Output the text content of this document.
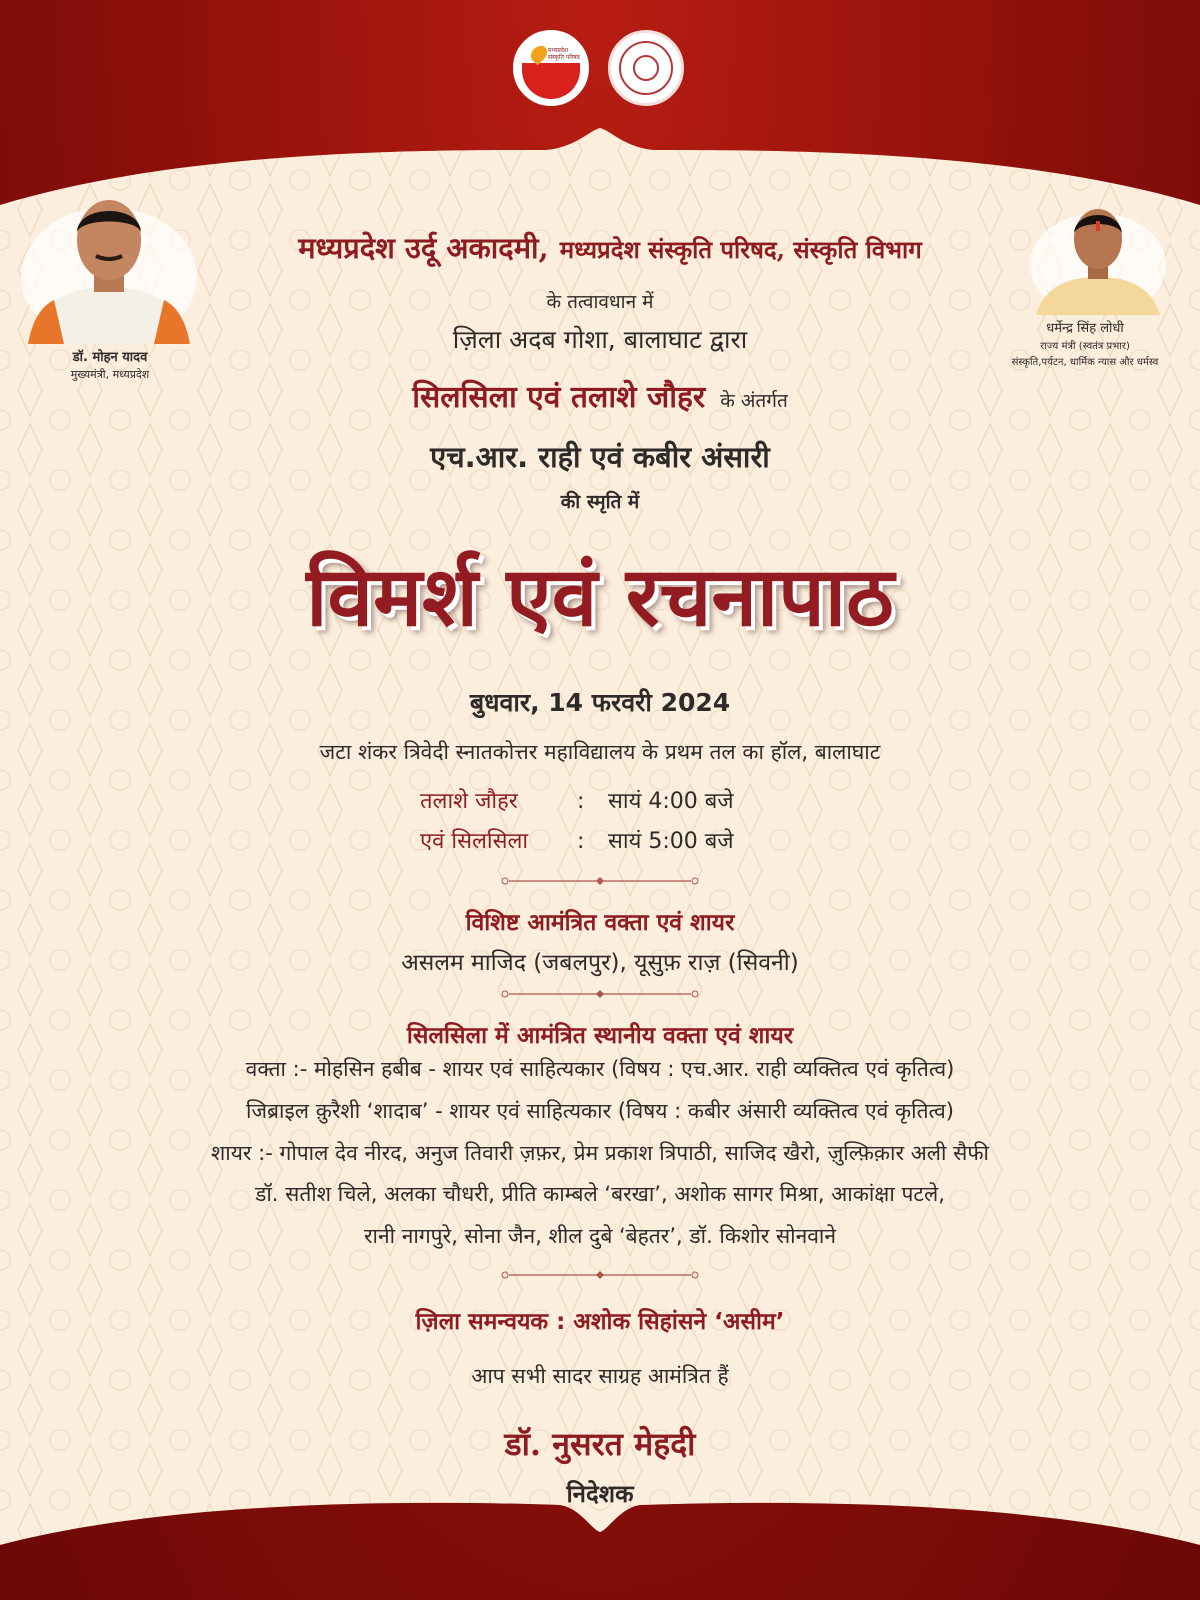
मध्यप्रदेश संस्कृति परिषद
डॉ. मोहन यादव
मुख्यमंत्री, मध्यप्रदेश
धर्मेन्द्र सिंह लोधी
राज्य मंत्री (स्वतंत्र प्रभार)
संस्कृति,पर्यटन, धार्मिक न्यास और धर्मस्व
मध्यप्रदेश उर्दू अकादमी, मध्यप्रदेश संस्कृति परिषद, संस्कृति विभाग
के तत्वावधान में
ज़िला अदब गोशा, बालाघाट द्वारा
सिलसिला एवं तलाशे जौहर के अंतर्गत
एच.आर. राही एवं कबीर अंसारी
की स्मृति में
विमर्श एवं रचनापाठ
बुधवार, 14 फरवरी 2024
जटा शंकर त्रिवेदी स्नातकोत्तर महाविद्यालय के प्रथम तल का हॉल, बालाघाट
तलाशे जौहर	: सायं 4:00 बजे
एवं सिलसिला : सायं 5:00 बजे
विशिष्ट आमंत्रित वक्ता एवं शायर
असलम माजिद (जबलपुर), यूसुफ़ राज़ (सिवनी)
सिलसिला में आमंत्रित स्थानीय वक्ता एवं शायर
वक्ता :- मोहसिन हबीब - शायर एवं साहित्यकार (विषय : एच.आर. राही व्यक्तित्व एवं कृतित्व)
जिब्राइल क़ुरैशी ‘शादाब’ - शायर एवं साहित्यकार (विषय : कबीर अंसारी व्यक्तित्व एवं कृतित्व)
शायर :- गोपाल देव नीरद, अनुज तिवारी ज़फ़र, प्रेम प्रकाश त्रिपाठी, साजिद खैरो, ज़ुल्फ़िक़ार अली सैफी
डॉ. सतीश चिले, अलका चौधरी, प्रीति काम्बले ‘बरखा’, अशोक सागर मिश्रा, आकांक्षा पटले,
रानी नागपुरे, सोना जैन, शील दुबे ‘बेहतर’, डॉ. किशोर सोनवाने
ज़िला समन्वयक : अशोक सिहांसने ‘असीम’
आप सभी सादर साग्रह आमंत्रित हैं
डॉ. नुसरत मेहदी
निदेशक
